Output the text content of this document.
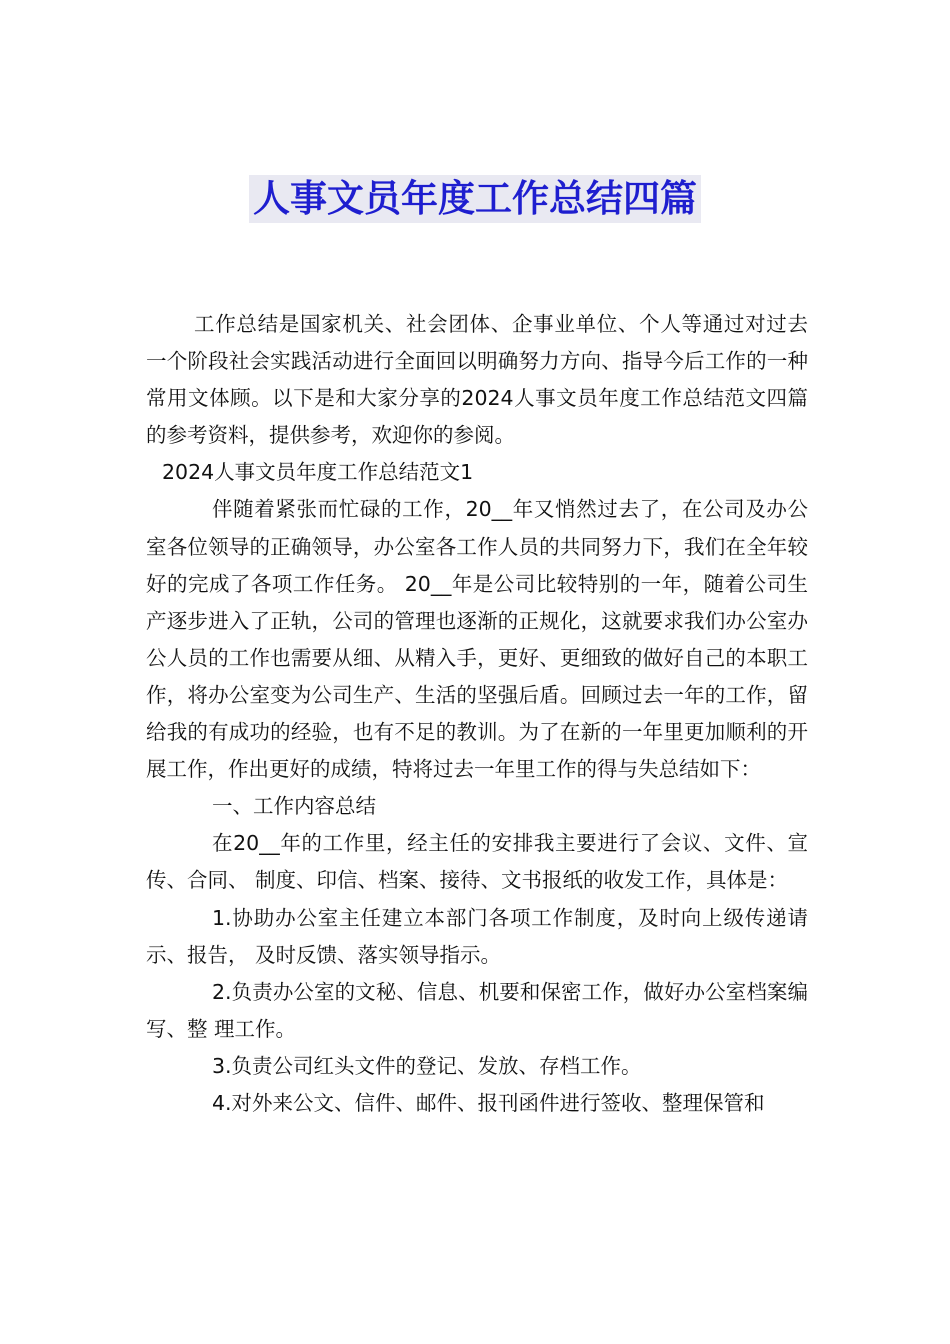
人事文员年度工作总结四篇

工作总结是国家机关、社会团体、企事业单位、个人等通过对过去一个阶段社会实践活动进行全面回以明确努力方向、指导今后工作的一种常用文体顾。以下是和大家分享的2024人事文员年度工作总结范文四篇的参考资料，提供参考，欢迎你的参阅。

2024人事文员年度工作总结范文1

伴随着紧张而忙碌的工作，20__年又悄然过去了，在公司及办公室各位领导的正确领导，办公室各工作人员的共同努力下，我们在全年较好的完成了各项工作任务。 20__年是公司比较特别的一年，随着公司生产逐步进入了正轨，公司的管理也逐渐的正规化，这就要求我们办公室办公人员的工作也需要从细、从精入手，更好、更细致的做好自己的本职工作，将办公室变为公司生产、生活的坚强后盾。回顾过去一年的工作，留给我的有成功的经验，也有不足的教训。为了在新的一年里更加顺利的开展工作，作出更好的成绩，特将过去一年里工作的得与失总结如下：

一、工作内容总结

在20__年的工作里，经主任的安排我主要进行了会议、文件、宣传、合同、 制度、印信、档案、接待、文书报纸的收发工作，具体是：

1.协助办公室主任建立本部门各项工作制度，及时向上级传递请示、报告， 及时反馈、落实领导指示。

2.负责办公室的文秘、信息、机要和保密工作，做好办公室档案编写、整 理工作。

3.负责公司红头文件的登记、发放、存档工作。

4.对外来公文、信件、邮件、报刊函件进行签收、整理保管和
